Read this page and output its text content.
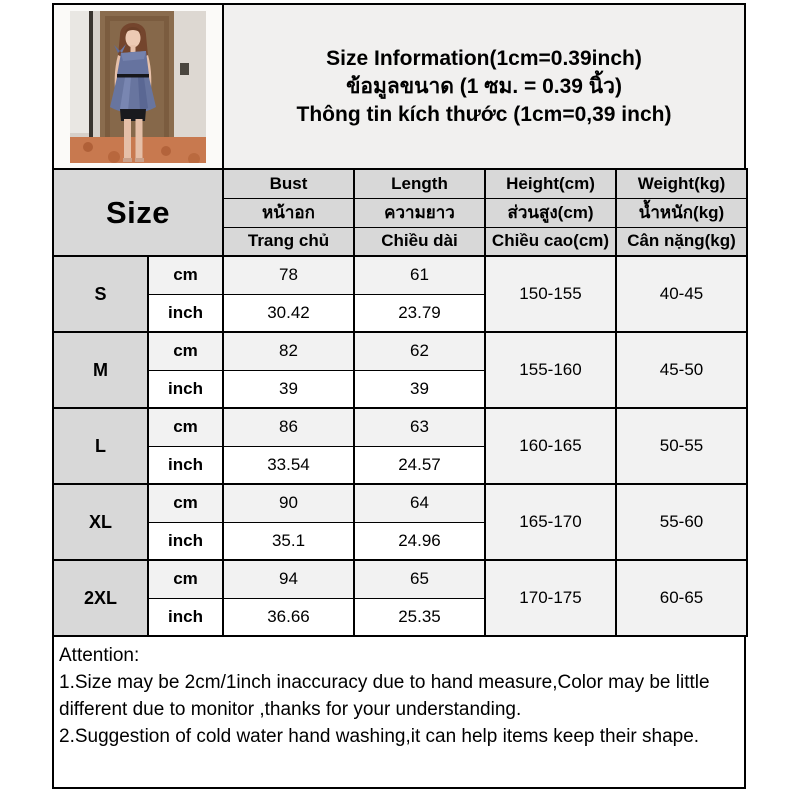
Size Information(1cm=0.39inch)
ข้อมูลขนาด (1 ซม. = 0.39 นิ้ว)
Thông tin kích thước (1cm=0,39 inch)
Size		Bust	Length	Height(cm)	Weight(kg)
		หน้าอก	ความยาว	ส่วนสูง(cm)	น้ำหนัก(kg)
		Trang chủ	Chiều dài	Chiều cao(cm)	Cân nặng(kg)
S	cm	78	61	150-155	40-45
	inch	30.42	23.79		
M	cm	82	62	155-160	45-50
	inch	39	39		
L	cm	86	63	160-165	50-55
	inch	33.54	24.57		
XL	cm	90	64	165-170	55-60
	inch	35.1	24.96		
2XL	cm	94	65	170-175	60-65
	inch	36.66	25.35		
Attention:
1.Size may be 2cm/1inch inaccuracy due to hand measure,Color may be little different due to monitor ,thanks for your understanding.
2.Suggestion of cold water hand washing,it can help items keep their shape.
